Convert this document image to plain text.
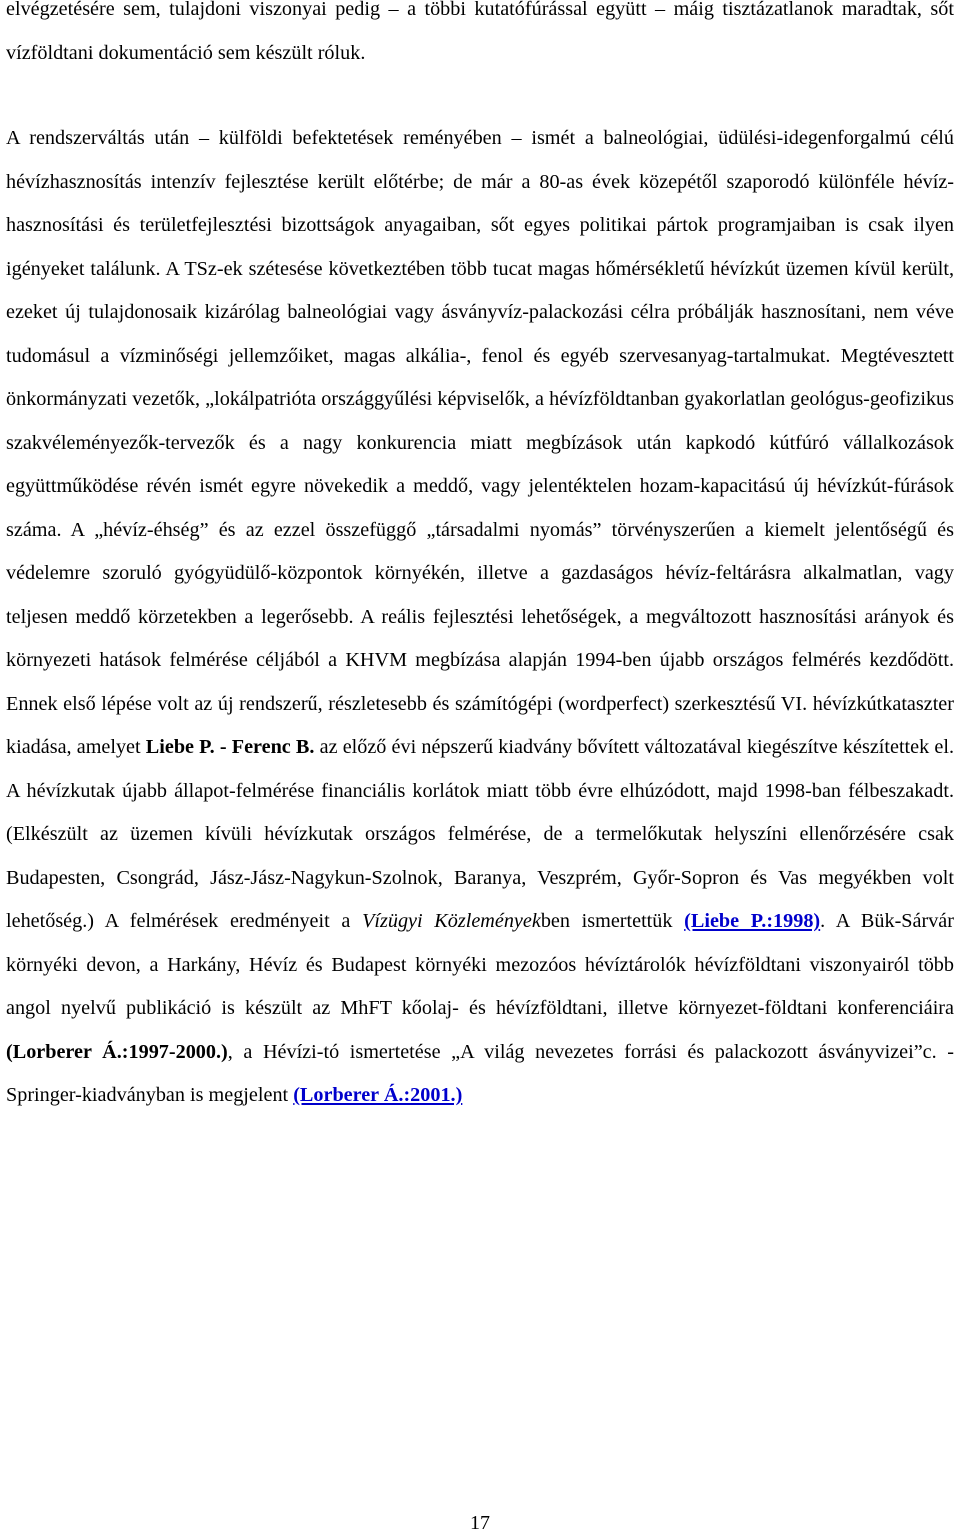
elvégzetésére sem, tulajdoni viszonyai pedig – a többi kutatófúrással együtt – máig tisztázatlanok maradtak, sőt vízföldtani dokumentáció sem készült róluk.
A rendszerváltás után – külföldi befektetések reményében – ismét a balneológiai, üdülési-idegenforgalmú célú hévízhasznosítás intenzív fejlesztése került előtérbe; de már a 80-as évek közepétől szaporodó különféle hévíz-hasznosítási és területfejlesztési bizottságok anyagaiban, sőt egyes politikai pártok programjaiban is csak ilyen igényeket találunk. A TSz-ek szétesése következtében több tucat magas hőmérsékletű hévízkút üzemen kívül került, ezeket új tulajdonosaik kizárólag balneológiai vagy ásványvíz-palackozási célra próbálják hasznosítani, nem véve tudomásul a vízminőségi jellemzőiket, magas alkália-, fenol és egyéb szervesanyag-tartalmukat. Megtévesztett önkormányzati vezetők, „lokálpatrióta országgyűlési képviselők, a hévízföldtanban gyakorlatlan geológus-geofizikus szakvéleményezők-tervezők és a nagy konkurencia miatt megbízások után kapkodó kútfúró vállalkozások együttműködése révén ismét egyre növekedik a meddő, vagy jelentéktelen hozam-kapacitású új hévízkút-fúrások száma. A „hévíz-éhség” és az ezzel összefüggő „társadalmi nyomás” törvényszerűen a kiemelt jelentőségű és védelemre szoruló gyógyüdülő-központok környékén, illetve a gazdaságos hévíz-feltárásra alkalmatlan, vagy teljesen meddő körzetekben a legerősebb. A reális fejlesztési lehetőségek, a megváltozott hasznosítási arányok és környezeti hatások felmérése céljából a KHVM megbízása alapján 1994-ben újabb országos felmérés kezdődött. Ennek első lépése volt az új rendszerű, részletesebb és számítógépi (wordperfect) szerkesztésű VI. hévízkútkataszter kiadása, amelyet Liebe P. - Ferenc B. az előző évi népszerű kiadvány bővített változatával kiegészítve készítettek el. A hévízkutak újabb állapot-felmérése financiális korlátok miatt több évre elhúzódott, majd 1998-ban félbeszakadt. (Elkészült az üzemen kívüli hévízkutak országos felmérése, de a termelőkutak helyszíni ellenőrzésére csak Budapesten, Csongrád, Jász-Jász-Nagykun-Szolnok, Baranya, Veszprém, Győr-Sopron és Vas megyékben volt lehetőség.) A felmérések eredményeit a Vízügyi Közleményekben ismertettük (Liebe P.:1998). A Bük-Sárvár környéki devon, a Harkány, Hévíz és Budapest környéki mezozóos hévíztárolók hévízföldtani viszonyairól több angol nyelvű publikáció is készült az MhFT kőolaj- és hévízföldtani, illetve környezet-földtani konferenciáira (Lorberer Á.:1997-2000.), a Hévízi-tó ismertetése „A világ nevezetes forrási és palackozott ásványvizei”c. - Springer-kiadványban is megjelent (Lorberer Á.:2001.)
17
